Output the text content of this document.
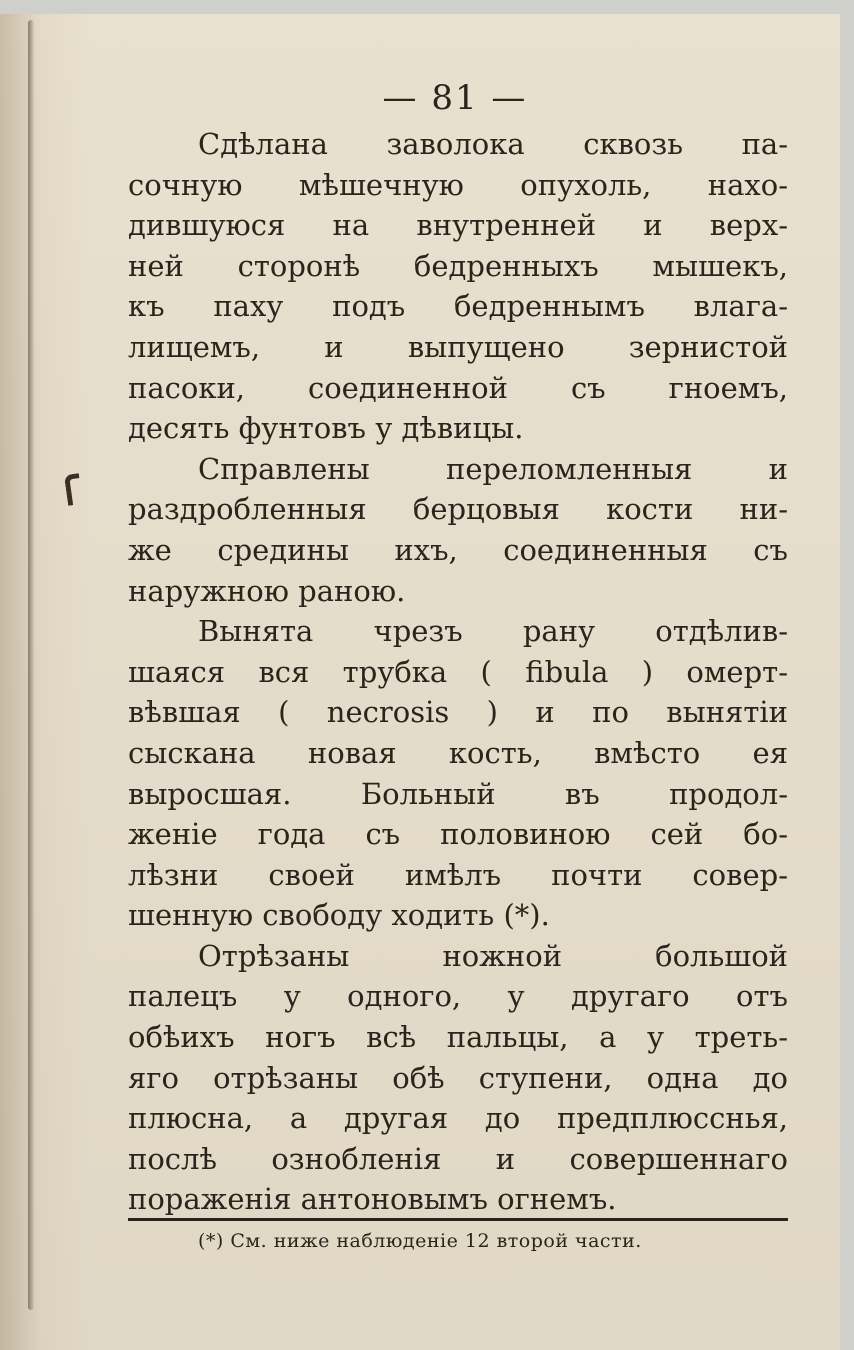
— 81 —
Сдѣлана заволока сквозь па-
сочную мѣшечную опухоль, нахо-
дившуюся на внутренней и верх-
ней сторонѣ бедренныхъ мышекъ,
къ паху подъ бедреннымъ влага-
лищемъ, и выпущено зернистой
пасоки, соединенной съ гноемъ,
десять фунтовъ у дѣвицы.
Справлены переломленныя и
раздробленныя берцовыя кости ни-
же средины ихъ, соединенныя съ
наружною раною.
Вынята чрезъ рану отдѣлив-
шаяся вся трубка ( fibula ) омерт-
вѣвшая ( necrosis ) и по вынятіи
сыскана новая кость, вмѣсто ея
выросшая. Больный въ продол-
женіе года съ половиною сей бо-
лѣзни своей имѣлъ почти совер-
шенную свободу ходить (*).
Отрѣзаны ножной большой
палецъ у одного, у другаго отъ
обѣихъ ногъ всѣ пальцы, а у треть-
яго отрѣзаны обѣ ступени, одна до
плюсна, а другая до предплюсснья,
послѣ ознобленія и совершеннаго
пораженія антоновымъ огнемъ.
(*) См. ниже наблюденіе 12 второй части.
